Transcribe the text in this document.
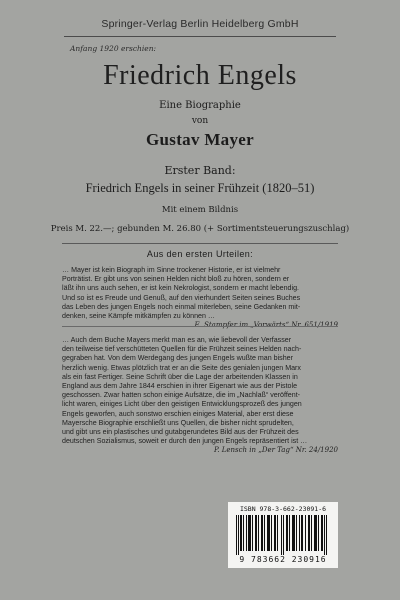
Springer-Verlag Berlin Heidelberg GmbH
Anfang 1920 erschien:
Friedrich Engels
Eine Biographie
von
Gustav Mayer
Erster Band:
Friedrich Engels in seiner Frühzeit (1820–51)
Mit einem Bildnis
Preis M. 22.—; gebunden M. 26.80 (+ Sortimentsteuerungszuschlag)
Aus den ersten Urteilen:
… Mayer ist kein Biograph im Sinne trockener Historie, er ist vielmehr
Porträtist. Er gibt uns von seinen Helden nicht bloß zu hören, sondern er
läßt ihn uns auch sehen, er ist kein Nekrologist, sondern er macht lebendig.
Und so ist es Freude und Genuß, auf den vierhundert Seiten seines Buches
das Leben des jungen Engels noch einmal miterleben, seine Gedanken mit-
denken, seine Kämpfe mitkämpfen zu können …
E. Stampfer im „Vorwärts“ Nr. 651/1919
… Auch dem Buche Mayers merkt man es an, wie liebevoll der Verfasser
den teilweise tief verschütteten Quellen für die Frühzeit seines Helden nach-
gegraben hat. Von dem Werdegang des jungen Engels wußte man bisher
herzlich wenig. Etwas plötzlich trat er an die Seite des genialen jungen Marx
als ein fast Fertiger. Seine Schrift über die Lage der arbeitenden Klassen in
England aus dem Jahre 1844 erschien in ihrer Eigenart wie aus der Pistole
geschossen. Zwar hatten schon einige Aufsätze, die im „Nachlaß“ veröffent-
licht waren, einiges Licht über den geistigen Entwicklungsprozeß des jungen
Engels geworfen, auch sonstwo erschien einiges Material, aber erst diese
Mayersche Biographie erschließt uns Quellen, die bisher nicht sprudelten,
und gibt uns ein plastisches und gutabgerundetes Bild aus der Frühzeit des
deutschen Sozialismus, soweit er durch den jungen Engels repräsentiert ist …
P. Lensch in „Der Tag“ Nr. 24/1920
ISBN 978-3-662-23091-6
9 783662 230916
